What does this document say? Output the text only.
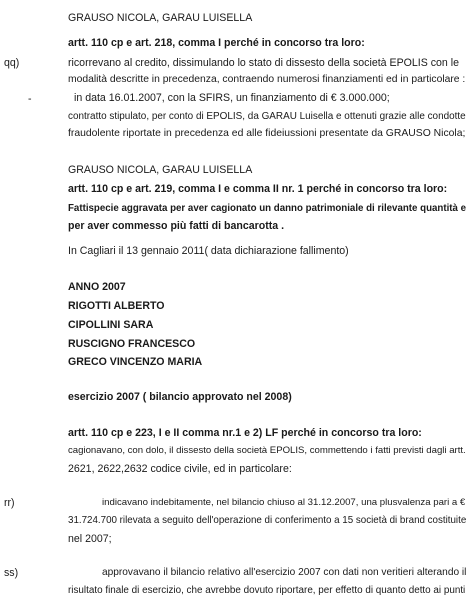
GRAUSO NICOLA, GARAU LUISELLA
artt. 110 cp e art. 218, comma I perché in concorso tra loro:
qq)	ricorrevano al credito, dissimulando lo stato di dissesto della società EPOLIS con le
modalità descritte in precedenza, contraendo numerosi finanziamenti ed in particolare :
-	in data 16.01.2007, con la SFIRS, un finanziamento di € 3.000.000;
contratto stipulato, per conto di EPOLIS, da GARAU Luisella e ottenuti grazie alle condotte
fraudolente riportate in precedenza ed alle fideiussioni presentate da GRAUSO Nicola;
GRAUSO NICOLA, GARAU LUISELLA
artt. 110 cp e art. 219, comma I e comma II nr. 1 perché in concorso tra loro:
Fattispecie aggravata per aver cagionato un danno patrimoniale di rilevante quantità e
per aver commesso più fatti di bancarotta .
In Cagliari il 13 gennaio 2011( data dichiarazione fallimento)
ANNO 2007
RIGOTTI ALBERTO
CIPOLLINI SARA
RUSCIGNO FRANCESCO
GRECO VINCENZO MARIA
esercizio 2007 ( bilancio approvato nel 2008)
artt. 110 cp e 223, I e II comma nr.1 e 2) LF perché in concorso tra loro:
cagionavano, con dolo, il dissesto della società EPOLIS, commettendo i fatti previsti dagli artt.
2621, 2622,2632 codice civile, ed in particolare:
rr)	indicavano indebitamente, nel bilancio chiuso al 31.12.2007, una plusvalenza pari a €
31.724.700 rilevata a seguito dell'operazione di conferimento a 15 società di brand costituite
nel 2007;
ss)	approvavano il bilancio relativo all'esercizio 2007 con dati non veritieri alterando il
risultato finale di esercizio, che avrebbe dovuto riportare, per effetto di quanto detto ai punti
